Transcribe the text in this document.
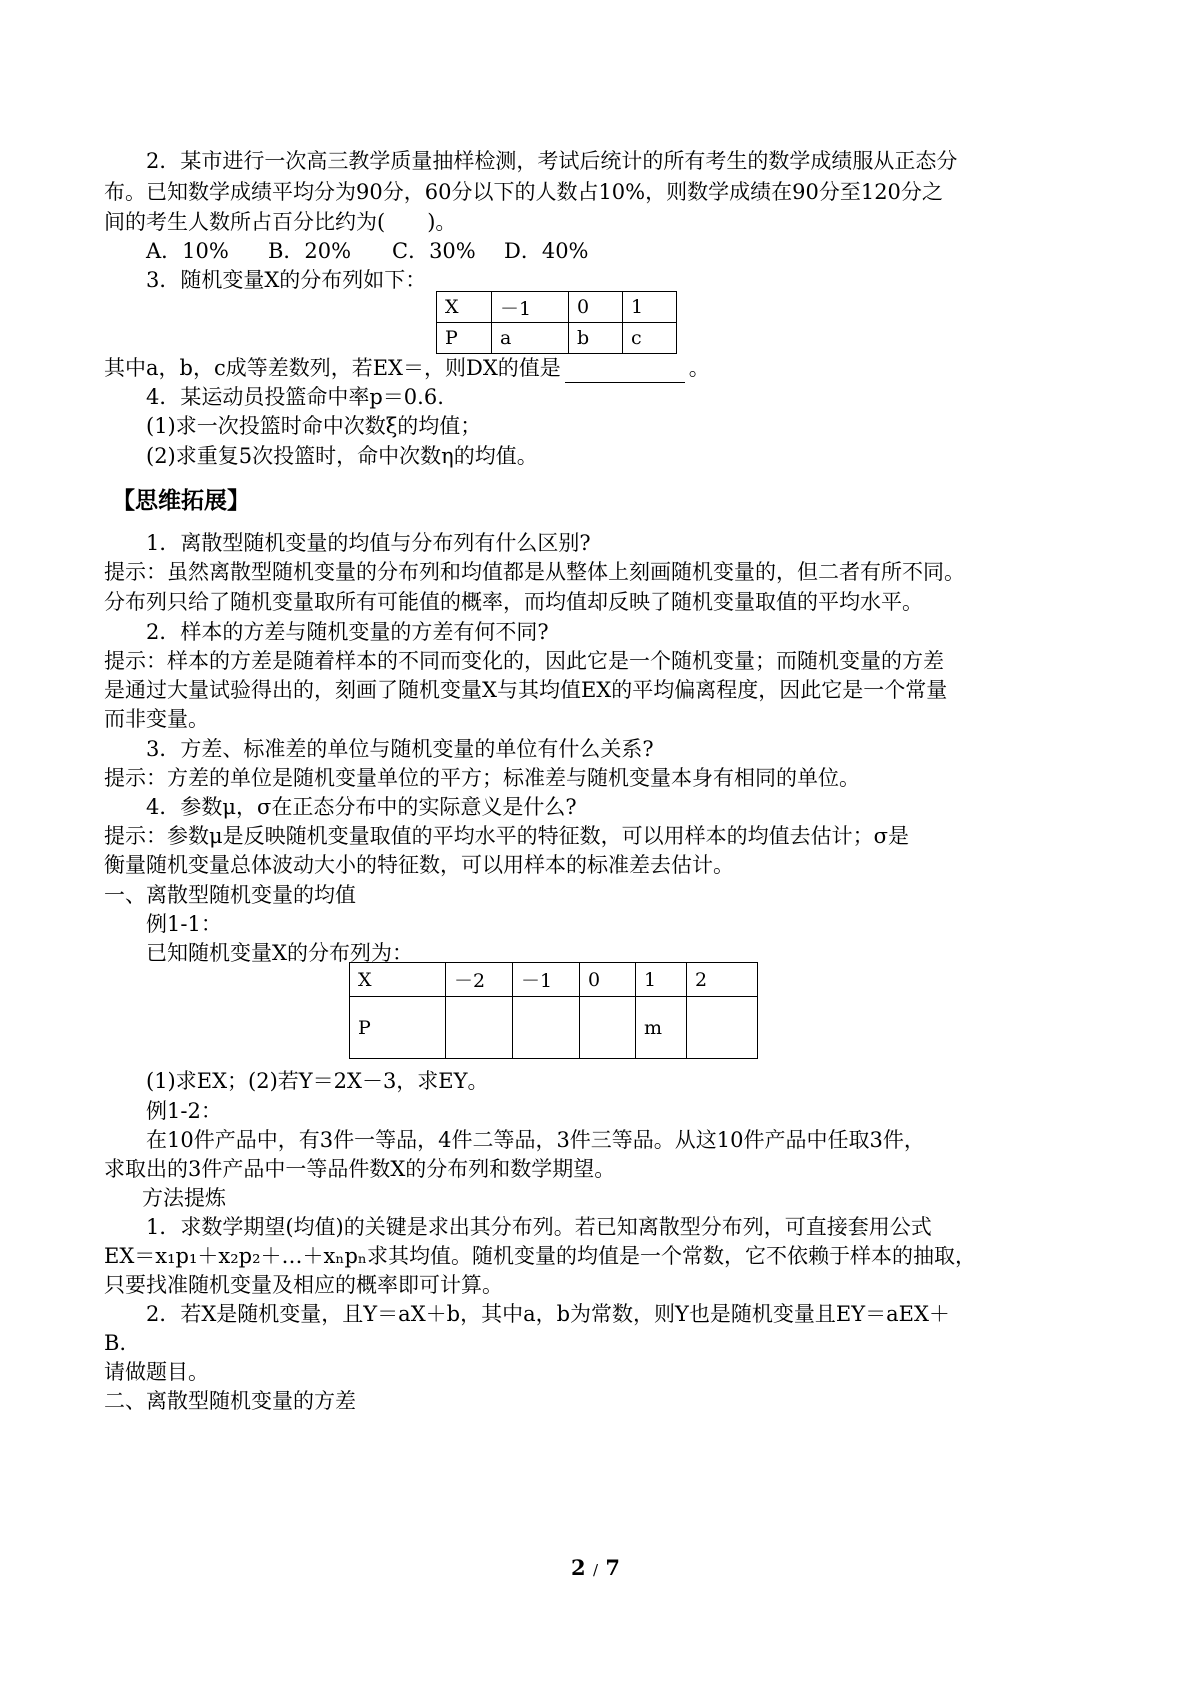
2．某市进行一次高三教学质量抽样检测，考试后统计的所有考生的数学成绩服从正态分
布。已知数学成绩平均分为90分，60分以下的人数占10%，则数学成绩在90分至120分之
间的考生人数所占百分比约为(　　)。
A．10% B．20% C．30% D．40%
3．随机变量X的分布列如下：
X	－1	0	1
P	a	b	c
其中a，b，c成等差数列，若EX＝，则DX的值是	。
4．某运动员投篮命中率p＝0.6.
(1)求一次投篮时命中次数ξ的均值；
(2)求重复5次投篮时，命中次数η的均值。
【思维拓展】
1．离散型随机变量的均值与分布列有什么区别?
提示：虽然离散型随机变量的分布列和均值都是从整体上刻画随机变量的，但二者有所不同。
分布列只给了随机变量取所有可能值的概率，而均值却反映了随机变量取值的平均水平。
2．样本的方差与随机变量的方差有何不同?
提示：样本的方差是随着样本的不同而变化的，因此它是一个随机变量；而随机变量的方差
是通过大量试验得出的，刻画了随机变量X与其均值EX的平均偏离程度，因此它是一个常量
而非变量。
3．方差、标准差的单位与随机变量的单位有什么关系?
提示：方差的单位是随机变量单位的平方；标准差与随机变量本身有相同的单位。
4．参数μ，σ在正态分布中的实际意义是什么?
提示：参数μ是反映随机变量取值的平均水平的特征数，可以用样本的均值去估计；σ是
衡量随机变量总体波动大小的特征数，可以用样本的标准差去估计。
一、离散型随机变量的均值
例1-1：
已知随机变量X的分布列为：
X	－2	－1	0	1	2
P				m	
(1)求EX；(2)若Y＝2X－3，求EY。
例1-2：
在10件产品中，有3件一等品，4件二等品，3件三等品。从这10件产品中任取3件，
求取出的3件产品中一等品件数X的分布列和数学期望。
方法提炼
1．求数学期望(均值)的关键是求出其分布列。若已知离散型分布列，可直接套用公式
EX＝x₁p₁＋x₂p₂＋…＋xₙpₙ求其均值。随机变量的均值是一个常数，它不依赖于样本的抽取，
只要找准随机变量及相应的概率即可计算。
2．若X是随机变量，且Y＝aX＋b，其中a，b为常数，则Y也是随机变量且EY＝aEX＋
B.
请做题目。
二、离散型随机变量的方差
2 / 7
